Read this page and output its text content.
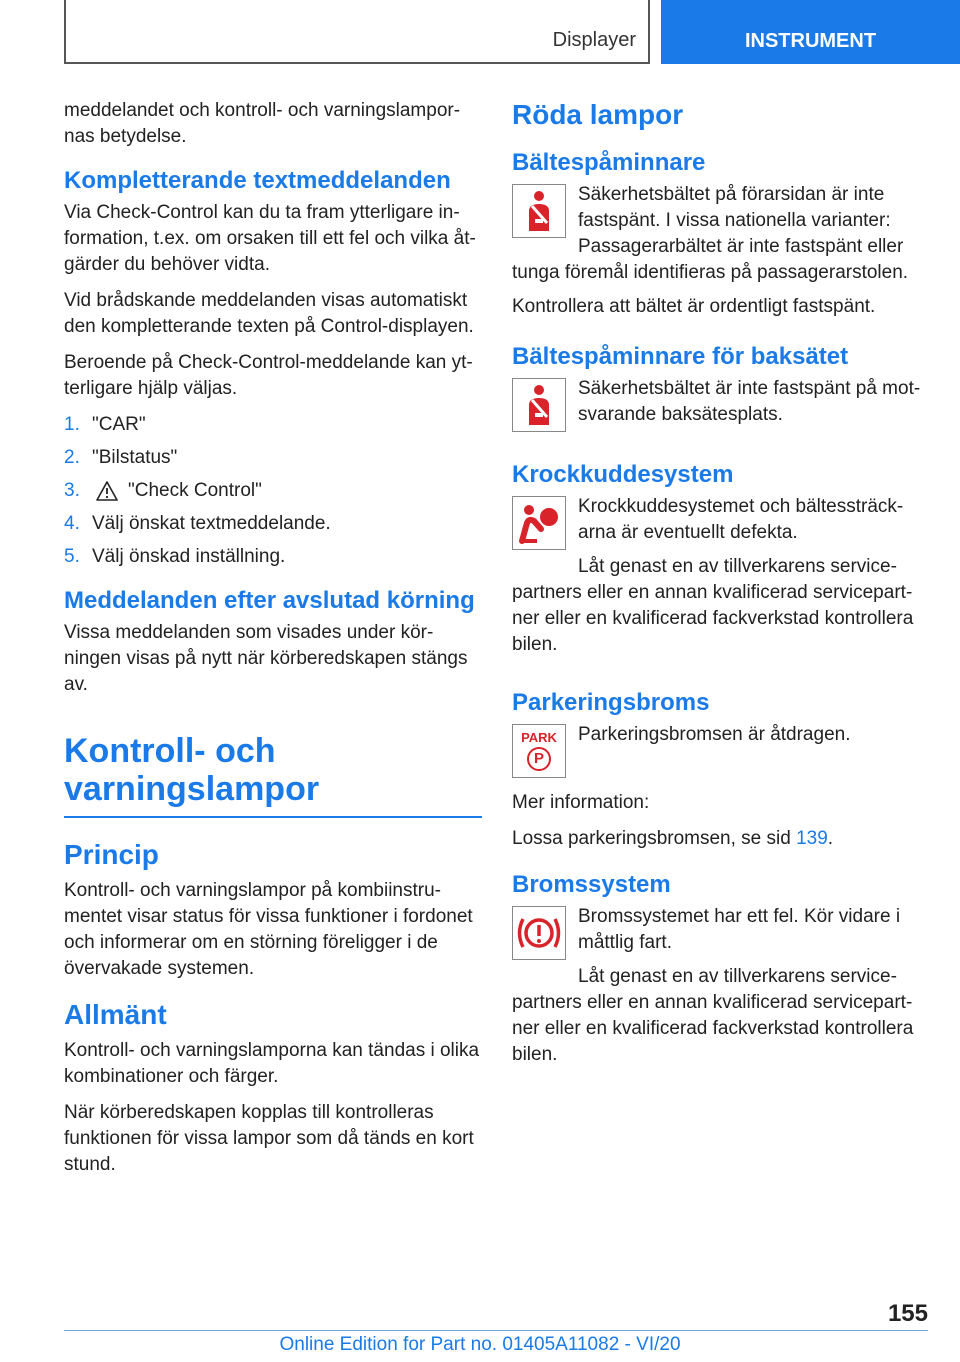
Displayer	INSTRUMENT

meddelandet och kontroll- och varningslampornas betydelse.

Kompletterande textmeddelanden

Via Check-Control kan du ta fram ytterligare information, t.ex. om orsaken till ett fel och vilka åtgärder du behöver vidta.

Vid brådskande meddelanden visas automatiskt den kompletterande texten på Control-displayen.

Beroende på Check-Control-meddelande kan ytterligare hjälp väljas.

1. "CAR"
2. "Bilstatus"
3.	"Check Control"
4. Välj önskat textmeddelande.
5. Välj önskad inställning.
Meddelanden efter avslutad körning

Vissa meddelanden som visades under körningen visas på nytt när körberedskapen stängs av.

Kontroll- och
varningslampor
Princip

Kontroll- och varningslampor på kombiinstrumentet visar status för vissa funktioner i fordonet och informerar om en störning föreligger i de övervakade systemen.

Allmänt

Kontroll- och varningslamporna kan tändas i olika kombinationer och färger.

När körberedskapen kopplas till kontrolleras funktionen för vissa lampor som då tänds en kort stund.

Röda lampor
Bältespåminnare

Säkerhetsbältet på förarsidan är inte fastspänt. I vissa nationella varianter: Passagerarbältet är inte fastspänt eller tunga föremål identifieras på passagerarstolen.

Kontrollera att bältet är ordentligt fastspänt.

Bältespåminnare för baksätet

Säkerhetsbältet är inte fastspänt på motsvarande baksätesplats.

Krockkuddesystem

Krockkuddesystemet och bältessträckarna är eventuellt defekta.

Låt genast en av tillverkarens servicepartners eller en annan kvalificerad servicepartner eller en kvalificerad fackverkstad kontrollera bilen.

Parkeringsbroms
PARK
P

Parkeringsbromsen är åtdragen.

Mer information:

Lossa parkeringsbromsen, se sid 139.

Bromssystem

Bromssystemet har ett fel. Kör vidare i måttlig fart.

Låt genast en av tillverkarens servicepartners eller en annan kvalificerad servicepartner eller en kvalificerad fackverkstad kontrollera bilen.

155
Online Edition for Part no. 01405A11082 - VI/20
